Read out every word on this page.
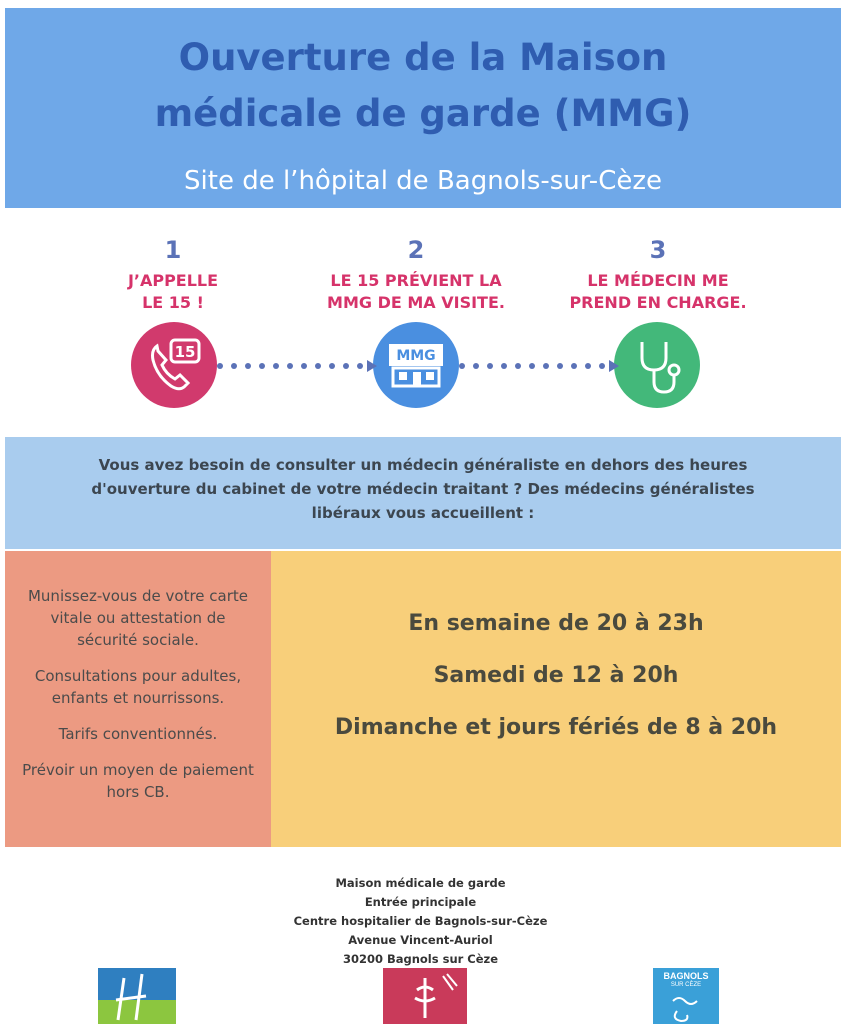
Ouverture de la Maison
médicale de garde (MMG)
Site de l’hôpital de Bagnols-sur-Cèze
1
J’APPELLE
LE 15 !
2
LE 15 PRÉVIENT LA
MMG DE MA VISITE.
3
LE MÉDECIN ME
PREND EN CHARGE.
15	MMG
Vous avez besoin de consulter un médecin généraliste en dehors des heures
d'ouverture du cabinet de votre médecin traitant ? Des médecins généralistes
libéraux vous accueillent :

Munissez-vous de votre carte vitale ou attestation de sécurité sociale.

Consultations pour adultes, enfants et nourrissons.

Tarifs conventionnés.

Prévoir un moyen de paiement hors CB.

En semaine de 20 à 23h
Samedi de 12 à 20h
Dimanche et jours fériés de 8 à 20h
Maison médicale de garde
Entrée principale
Centre hospitalier de Bagnols-sur-Cèze
Avenue Vincent-Auriol
30200 Bagnols sur Cèze
BAGNOLS
SUR CÈZE
